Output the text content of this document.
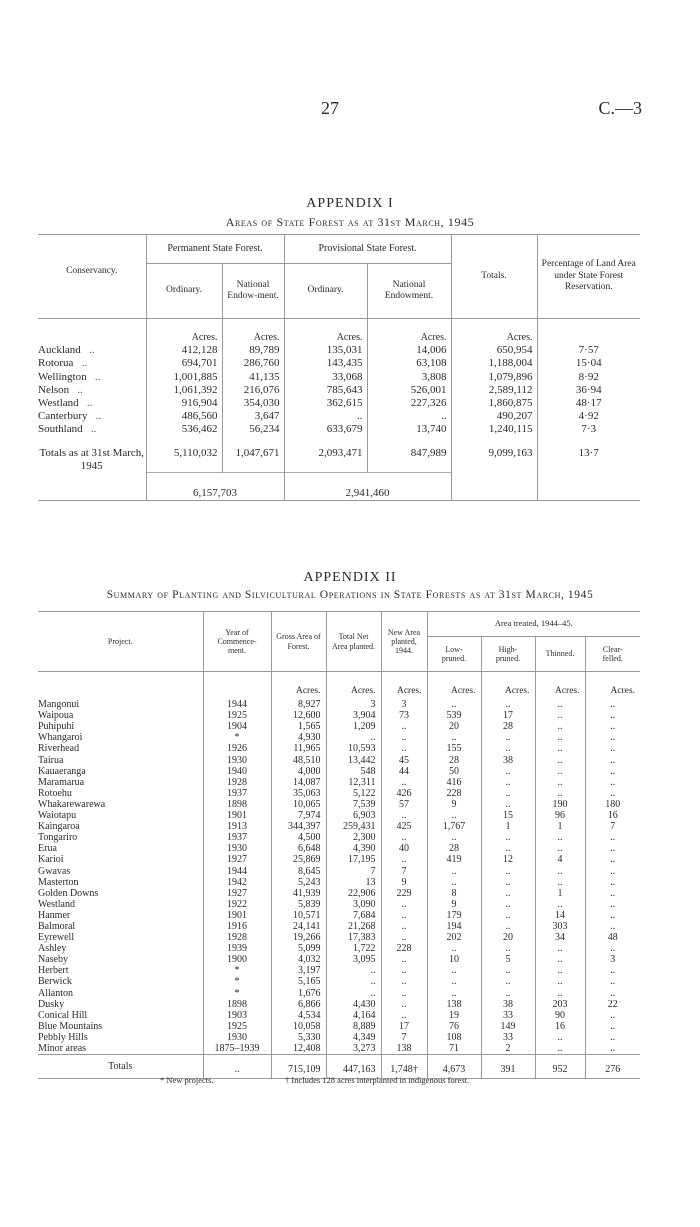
27	C.—3
APPENDIX I
Areas of State Forest as at 31st March, 1945
Conservancy.	Permanent State Forest.		Provisional State Forest.		Totals.	Percentage of Land Area under State Forest Reservation.
	Ordinary.	National Endow-ment.	Ordinary.	National Endowment.		
	Acres.	Acres.	Acres.	Acres.	Acres.	
Auckland   ..	412,128	89,789	135,031	14,006	650,954	7·57
Rotorua   ..	694,701	286,760	143,435	63,108	1,188,004	15·04
Wellington   ..	1,001,885	41,135	33,068	3,808	1,079,896	8·92
Nelson   ..	1,061,392	216,076	785,643	526,001	2,589,112	36·94
Westland   ..	916,904	354,030	362,615	227,326	1,860,875	48·17
Canterbury   ..	486,560	3,647	..	..	490,207	4·92
Southland   ..	536,462	56,234	633,679	13,740	1,240,115	7·3
Totals as at 31st March, 1945	5,110,032	1,047,671	2,093,471	847,989	9,099,163	13·7
	6,157,703		2,941,460			
APPENDIX II
Summary of Planting and Silvicultural Operations in State Forests as at 31st March, 1945
Project.	Year of Commence-ment.	Gross Area of Forest.	Total Net Area planted.	New Area planted, 1944.	Area treated, 1944–45.			
					Low-pruned.	High-pruned.	Thinned.	Clear-felled.
		Acres.	Acres.	Acres.	Acres.	Acres.	Acres.	Acres.
Mangonui	1944	8,927	3	3	..	..	..	..
Waipoua	1925	12,600	3,904	73	539	17	..	..
Puhipuhi	1904	1,565	1,209	..	20	28	..	..
Whangaroi	*	4,930	..	..	..	..	..	..
Riverhead	1926	11,965	10,593	..	155	..	..	..
Tairua	1930	48,510	13,442	45	28	38	..	..
Kauaeranga	1940	4,000	548	44	50	..	..	..
Maramarua	1928	14,087	12,311	..	416	..	..	..
Rotoehu	1937	35,063	5,122	426	228	..	..	..
Whakarewarewa	1898	10,065	7,539	57	9	..	190	180
Waiotapu	1901	7,974	6,903	..	..	15	96	16
Kaingaroa	1913	344,397	259,431	425	1,767	1	1	7
Tongariro	1937	4,500	2,300	..	..	..	..	..
Erua	1930	6,648	4,390	40	28	..	..	..
Karioi	1927	25,869	17,195	..	419	12	4	..
Gwavas	1944	8,645	7	7	..	..	..	..
Masterton	1942	5,243	13	9	..	..	..	..
Golden Downs	1927	41,939	22,906	229	8	..	1	..
Westland	1922	5,839	3,090	..	9	..	..	..
Hanmer	1901	10,571	7,684	..	179	..	14	..
Balmoral	1916	24,141	21,268	..	194	..	303	..
Eyrewell	1928	19,266	17,383	..	202	20	34	48
Ashley	1939	5,099	1,722	228	..	..	..	..
Naseby	1900	4,032	3,095	..	10	5	..	3
Herbert	*	3,197	..	..	..	..	..	..
Berwick	*	5,165	..	..	..	..	..	..
Allanton	*	1,676	..	..	..	..	..	..
Dusky	1898	6,866	4,430	..	138	38	203	22
Conical Hill	1903	4,534	4,164	..	19	33	90	..
Blue Mountains	1925	10,058	8,889	17	76	149	16	..
Pebbly Hills	1930	5,330	4,349	7	108	33	..	..
Minor areas	1875–1939	12,408	3,273	138	71	2	..	..
Totals	..	715,109	447,163	1,748†	4,673	391	952	276
* New projects.	† Includes 128 acres interplanted in indigenous forest.
